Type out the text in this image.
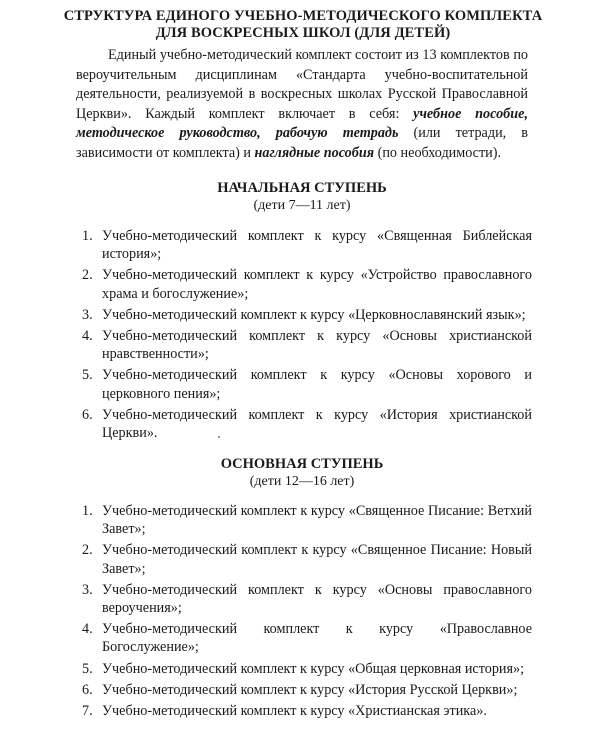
СТРУКТУРА ЕДИНОГО УЧЕБНО-МЕТОДИЧЕСКОГО КОМПЛЕКТА
ДЛЯ ВОСКРЕСНЫХ ШКОЛ (ДЛЯ ДЕТЕЙ)

Единый учебно-методический комплект состоит из 13 комплектов по вероучительным дисциплинам «Стандарта учебно-воспитательной деятельности, реализуемой в воскресных школах Русской Православной Церкви». Каждый комплект включает в себя: учебное пособие, методическое руководство, рабочую тетрадь (или тетради, в зависимости от комплекта) и наглядные пособия (по необходимости).

НАЧАЛЬНАЯ СТУПЕНЬ
(дети 7—11 лет)
1. Учебно-методический комплект к курсу «Священная Библейская история»;
2. Учебно-методический комплект к курсу «Устройство православного храма и богослужение»;
3. Учебно-методический комплект к курсу «Церковнославянский язык»;
4. Учебно-методический комплект к курсу «Основы христианской нравственности»;
5. Учебно-методический комплект к курсу «Основы хорового и церковного пения»;
6. Учебно-методический комплект к курсу «История христианской Церкви».
ОСНОВНАЯ СТУПЕНЬ
(дети 12—16 лет)
1. Учебно-методический комплект к курсу «Священное Писание: Ветхий Завет»;
2. Учебно-методический комплект к курсу «Священное Писание: Новый Завет»;
3. Учебно-методический комплект к курсу «Основы православного вероучения»;
4. Учебно-методический комплект к курсу «Православное Богослужение»;
5. Учебно-методический комплект к курсу «Общая церковная история»;
6. Учебно-методический комплект к курсу «История Русской Церкви»;
7. Учебно-методический комплект к курсу «Христианская этика».
